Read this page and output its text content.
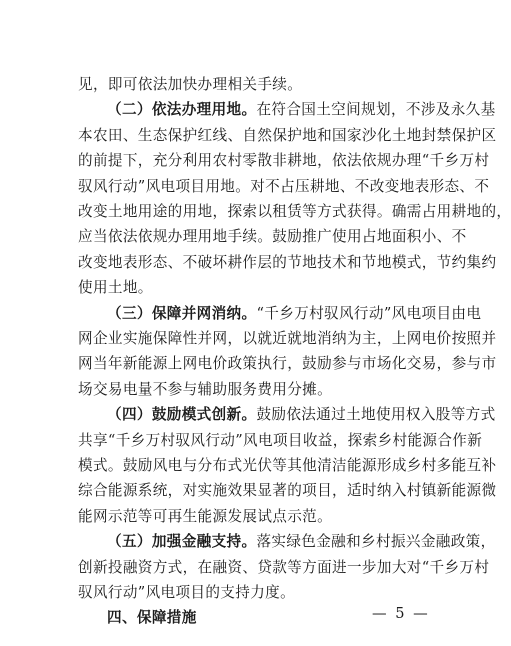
见，即可依法加快办理相关手续。
（二）依法办理用地。在符合国土空间规划，不涉及永久基
本农田、生态保护红线、自然保护地和国家沙化土地封禁保护区
的前提下，充分利用农村零散非耕地，依法依规办理“千乡万村
驭风行动”风电项目用地。对不占压耕地、不改变地表形态、不
改变土地用途的用地，探索以租赁等方式获得。确需占用耕地的，
应当依法依规办理用地手续。鼓励推广使用占地面积小、不
改变地表形态、不破坏耕作层的节地技术和节地模式，节约集约
使用土地。
（三）保障并网消纳。“千乡万村驭风行动”风电项目由电
网企业实施保障性并网，以就近就地消纳为主，上网电价按照并
网当年新能源上网电价政策执行，鼓励参与市场化交易，参与市
场交易电量不参与辅助服务费用分摊。
（四）鼓励模式创新。鼓励依法通过土地使用权入股等方式
共享“千乡万村驭风行动”风电项目收益，探索乡村能源合作新
模式。鼓励风电与分布式光伏等其他清洁能源形成乡村多能互补
综合能源系统，对实施效果显著的项目，适时纳入村镇新能源微
能网示范等可再生能源发展试点示范。
（五）加强金融支持。落实绿色金融和乡村振兴金融政策，
创新投融资方式，在融资、贷款等方面进一步加大对“千乡万村
驭风行动”风电项目的支持力度。
四、保障措施	— 5 —
